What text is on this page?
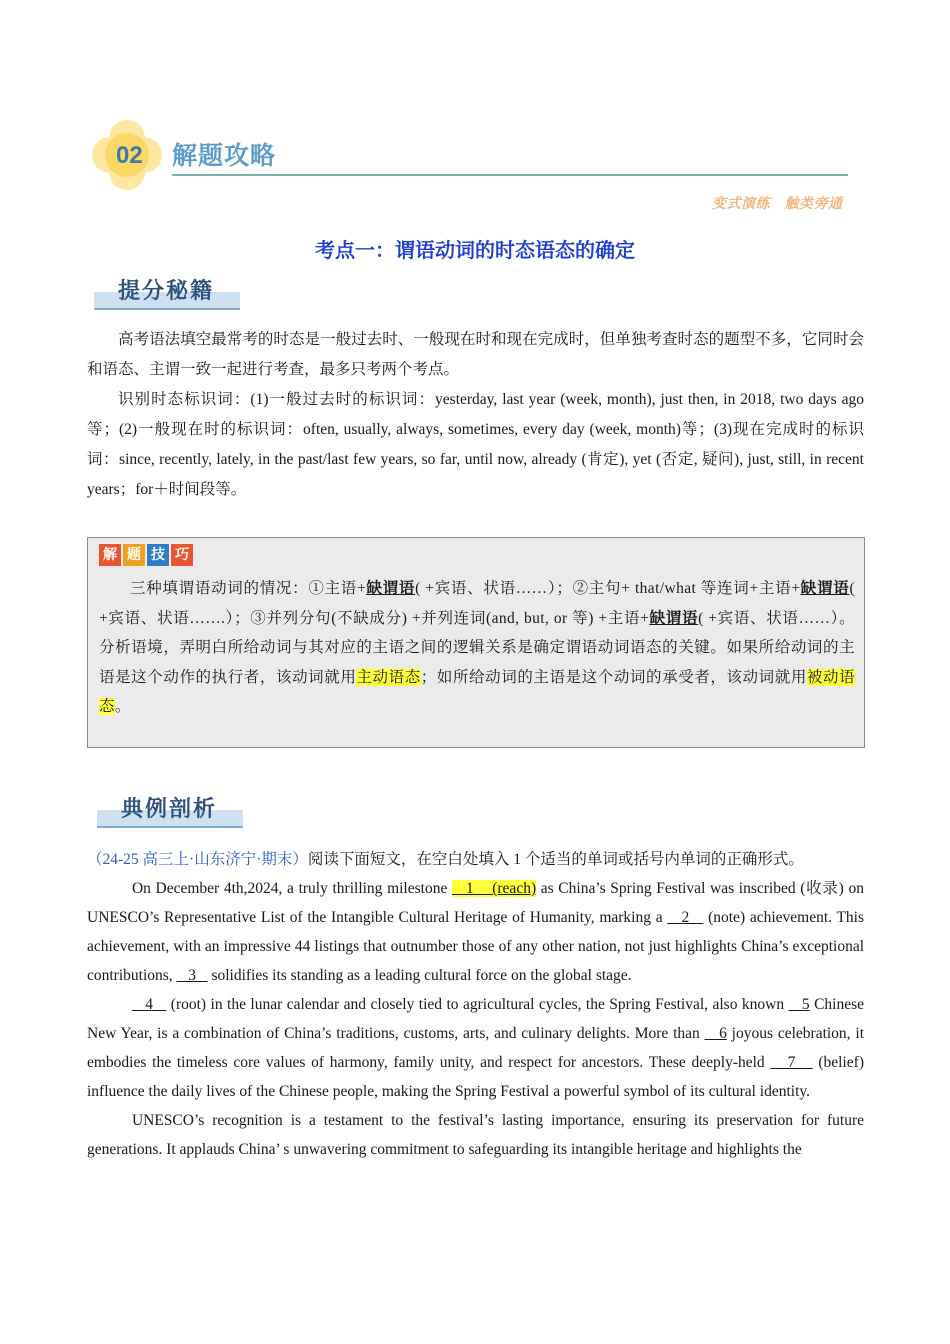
02 解题攻略
变式演练　触类旁通
考点一：谓语动词的时态语态的确定
提分秘籍

高考语法填空最常考的时态是一般过去时、一般现在时和现在完成时，但单独考查时态的题型不多，它同时会和语态、主谓一致一起进行考查，最多只考两个考点。

识别时态标识词：(1)一般过去时的标识词：yesterday, last year (week, month), just then, in 2018, two days ago 等；(2)一般现在时的标识词：often, usually, always, sometimes, every day (week, month)等；(3)现在完成时的标识词：since, recently, lately, in the past/last few years, so far, until now, already (肯定), yet (否定, 疑问), just, still, in recent years；for＋时间段等。

解 题 技 巧

三种填谓语动词的情况：①主语+缺谓语( +宾语、状语……）；②主句+ that/what 等连词+主语+缺谓语( +宾语、状语…….）；③并列分句(不缺成分) +并列连词(and, but, or 等) +主语+缺谓语( +宾语、状语……）。分析语境，弄明白所给动词与其对应的主语之间的逻辑关系是确定谓语动词语态的关键。如果所给动词的主语是这个动作的执行者，该动词就用主动语态；如所给动词的主语是这个动词的承受者，该动词就用被动语态。

典例剖析
（24-25 高三上·山东济宁·期末）阅读下面短文，在空白处填入 1 个适当的单词或括号内单词的正确形式。

On December 4th,2024, a truly thrilling milestone    1    (reach) as China’s Spring Festival was inscribed (收录) on UNESCO’s Representative List of the Intangible Cultural Heritage of Humanity, marking a    2    (note) achievement. This achievement, with an impressive 44 listings that outnumber those of any other nation, not just highlights China’s exceptional contributions,    3    solidifies its standing as a leading cultural force on the global stage.

4    (root) in the lunar calendar and closely tied to agricultural cycles, the Spring Festival, also known    5 Chinese New Year, is a combination of China’s traditions, customs, arts, and culinary delights. More than    6 joyous celebration, it embodies the timeless core values of harmony, family unity, and respect for ancestors. These deeply-held    7    (belief) influence the daily lives of the Chinese people, making the Spring Festival a powerful symbol of its cultural identity.

UNESCO’s recognition is a testament to the festival’s lasting importance, ensuring its preservation for future generations. It applauds China’ s unwavering commitment to safeguarding its intangible heritage and highlights the
